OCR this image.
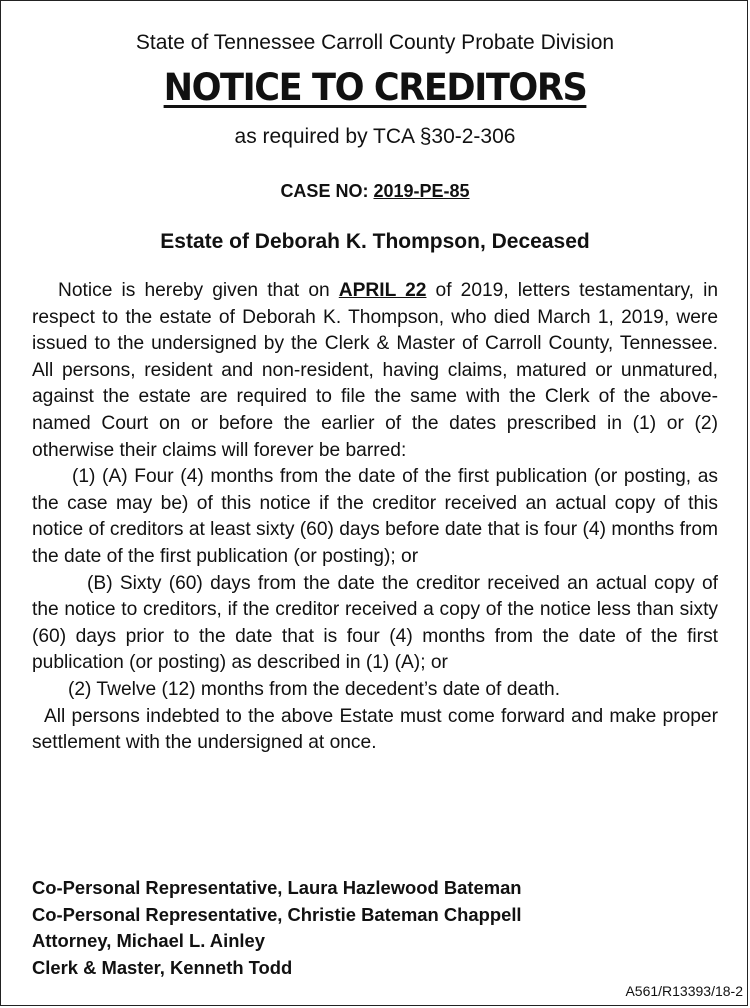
State of Tennessee Carroll County Probate Division
NOTICE TO CREDITORS
as required by TCA §30-2-306
CASE NO: 2019-PE-85
Estate of Deborah K. Thompson, Deceased

Notice is hereby given that on APRIL 22 of 2019, letters testamentary, in respect to the estate of Deborah K. Thompson, who died March 1, 2019, were issued to the undersigned by the Clerk & Master of Carroll County, Tennessee. All persons, resident and non-resident, having claims, matured or unmatured, against the estate are required to file the same with the Clerk of the above-named Court on or before the earlier of the dates prescribed in (1) or (2) otherwise their claims will forever be barred:

(1) (A) Four (4) months from the date of the first publication (or posting, as the case may be) of this notice if the creditor received an actual copy of this notice of creditors at least sixty (60) days before date that is four (4) months from the date of the first publication (or posting); or

(B) Sixty (60) days from the date the creditor received an actual copy of the notice to creditors, if the creditor received a copy of the notice less than sixty (60) days prior to the date that is four (4) months from the date of the first publication (or posting) as described in (1) (A); or

(2) Twelve (12) months from the decedent’s date of death.

All persons indebted to the above Estate must come forward and make proper settlement with the undersigned at once.

Co-Personal Representative, Laura Hazlewood Bateman
Co-Personal Representative, Christie Bateman Chappell
Attorney, Michael L. Ainley
Clerk & Master, Kenneth Todd
A561/R13393/18-2
